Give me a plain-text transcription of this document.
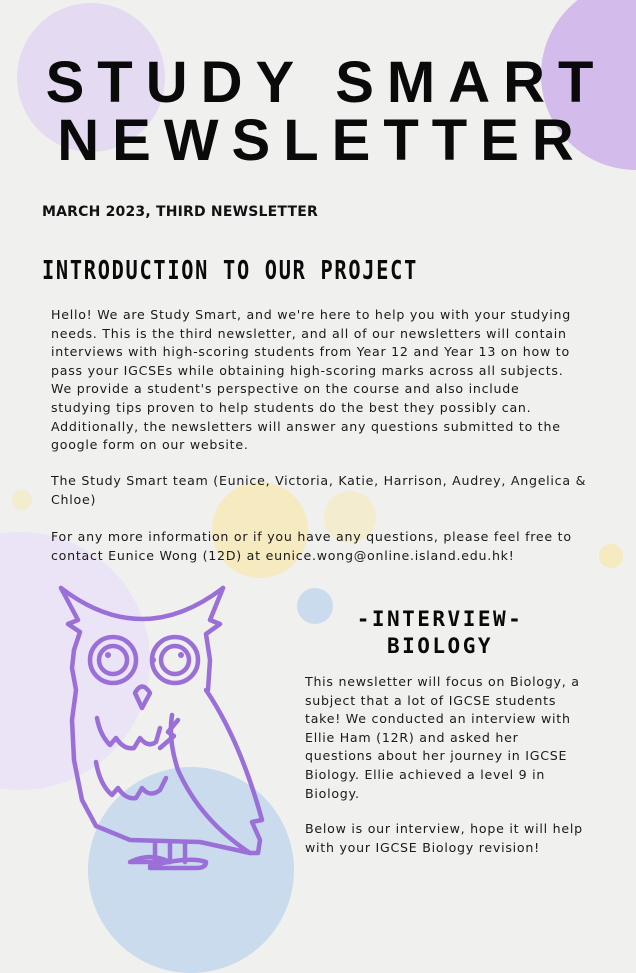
STUDY SMART
NEWSLETTER
MARCH 2023, THIRD NEWSLETTER
INTRODUCTION TO OUR PROJECT

Hello! We are Study Smart, and we're here to help you with your studying needs. This is the third newsletter, and all of our newsletters will contain interviews with high-scoring students from Year 12 and Year 13 on how to pass your IGCSEs while obtaining high-scoring marks across all subjects. We provide a student's perspective on the course and also include studying tips proven to help students do the best they possibly can. Additionally, the newsletters will answer any questions submitted to the google form on our website.

The Study Smart team (Eunice, Victoria, Katie, Harrison, Audrey, Angelica & Chloe)

For any more information or if you have any questions, please feel free to contact Eunice Wong (12D) at eunice.wong@online.island.edu.hk!

-INTERVIEW-
BIOLOGY

This newsletter will focus on Biology, a subject that a lot of IGCSE students take! We conducted an interview with Ellie Ham (12R) and asked her questions about her journey in IGCSE Biology. Ellie achieved a level 9 in Biology.

Below is our interview, hope it will help with your IGCSE Biology revision!
